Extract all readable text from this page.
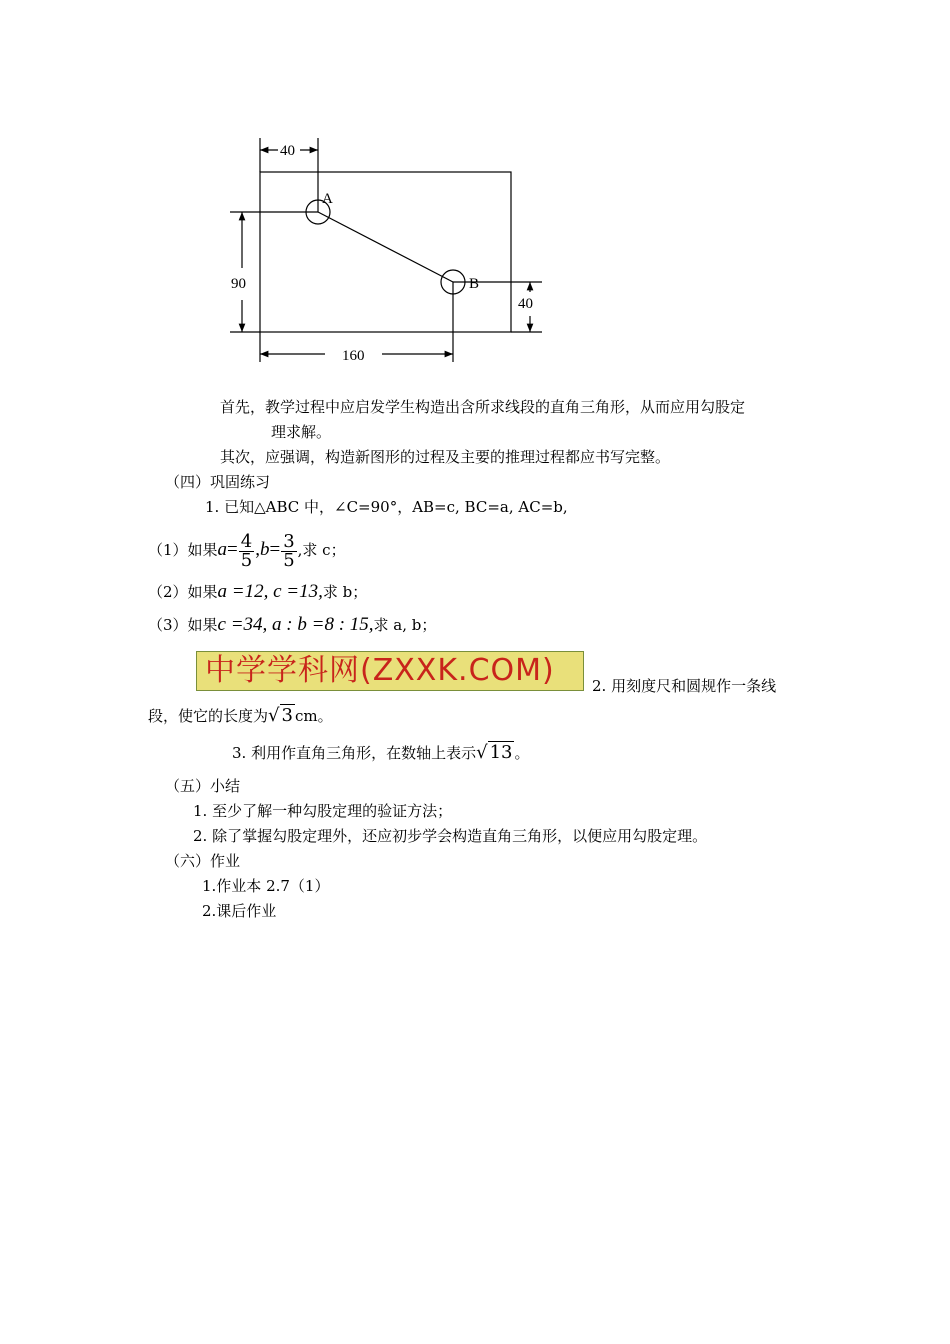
40
90
40
160
A
B
首先，教学过程中应启发学生构造出含所求线段的直角三角形，从而应用勾股定
理求解。
其次，应强调，构造新图形的过程及主要的推理过程都应书写完整。
（四）巩固练习
1. 已知△ABC 中，∠C=90°，AB=c, BC=a, AC=b,
（1）如果$a= \frac{4}{5} ,b= \frac{3}{5}$ ,求 c；
（2）如果a =12, c =13,求 b；
（3）如果c =34, a : b =8 : 15,求 a, b；
中学学科网(ZXXK.COM) 2. 用刻度尺和圆规作一条线
段，使它的长度为√ 3 cm。
3. 利用作直角三角形，在数轴上表示√ 13 。
（五）小结
1. 至少了解一种勾股定理的验证方法；
2. 除了掌握勾股定理外，还应初步学会构造直角三角形，以便应用勾股定理。
（六）作业
1.作业本 2.7（1）
2.课后作业
